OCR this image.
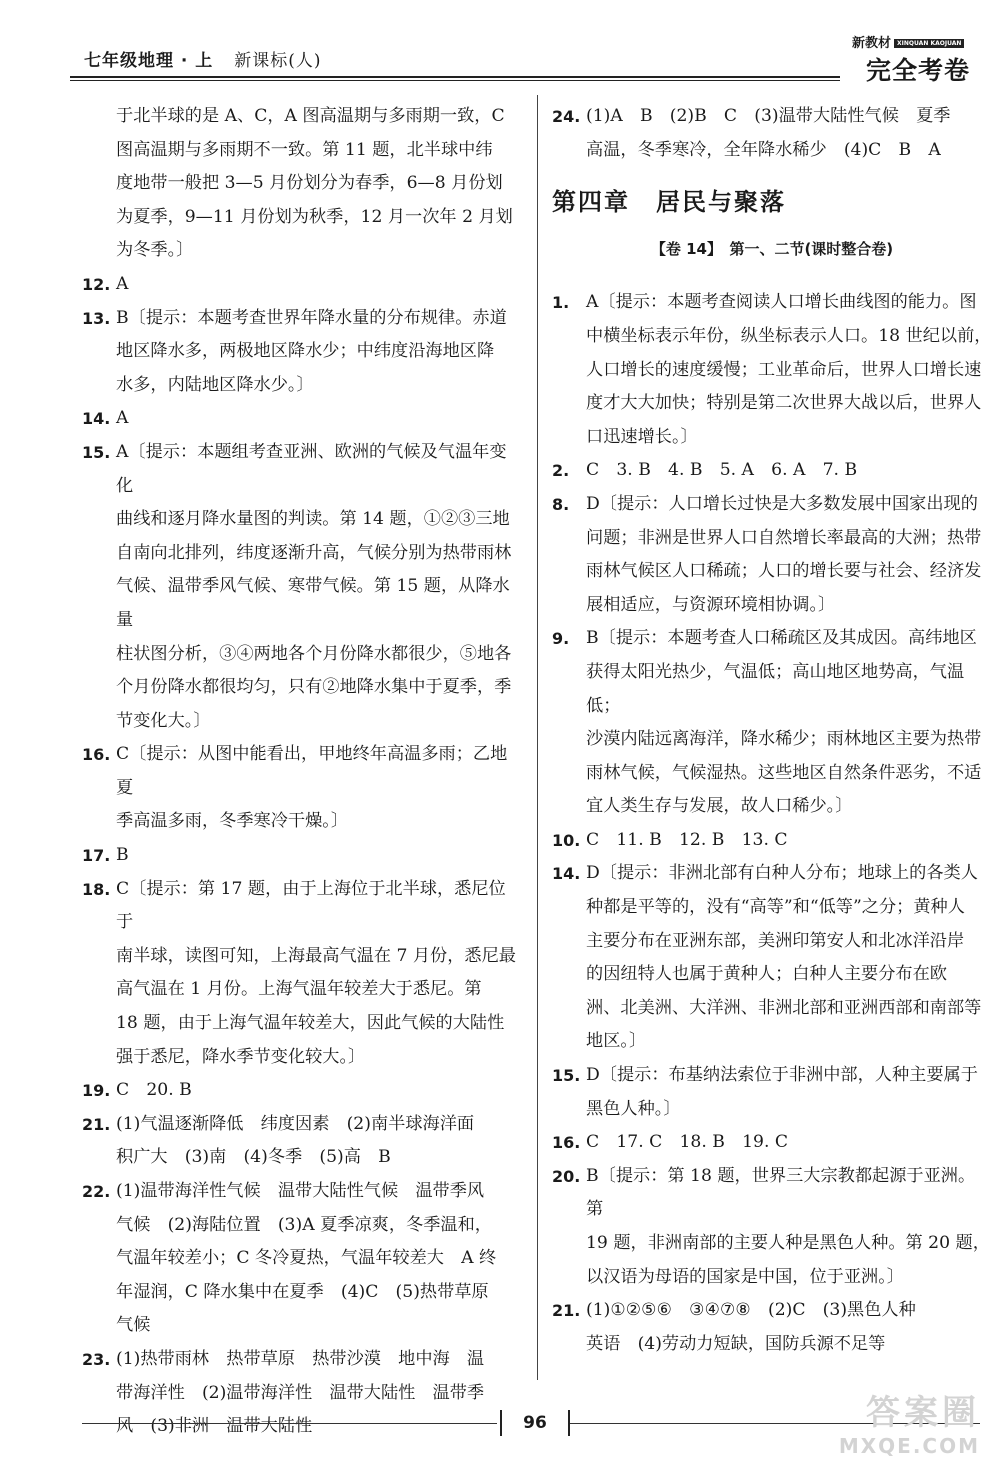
七年级地理 · 上 新课标(人)
新教材 XINQUAN KAOJUAN
完全考卷
于北半球的是 A、C，A 图高温期与多雨期一致，C
图高温期与多雨期不一致。第 11 题，北半球中纬
度地带一般把 3—5 月份划分为春季，6—8 月份划
为夏季，9—11 月份划为秋季，12 月一次年 2 月划
为冬季。〕
12. A
13. B〔提示：本题考查世界年降水量的分布规律。赤道
地区降水多，两极地区降水少；中纬度沿海地区降
水多，内陆地区降水少。〕
14. A
15. A〔提示：本题组考查亚洲、欧洲的气候及气温年变化
曲线和逐月降水量图的判读。第 14 题，①②③三地
自南向北排列，纬度逐渐升高，气候分别为热带雨林
气候、温带季风气候、寒带气候。第 15 题，从降水量
柱状图分析，③④两地各个月份降水都很少，⑤地各
个月份降水都很均匀，只有②地降水集中于夏季，季
节变化大。〕
16. C〔提示：从图中能看出，甲地终年高温多雨；乙地夏
季高温多雨，冬季寒冷干燥。〕
17. B
18. C〔提示：第 17 题，由于上海位于北半球，悉尼位于
南半球，读图可知，上海最高气温在 7 月份，悉尼最
高气温在 1 月份。上海气温年较差大于悉尼。第
18 题，由于上海气温年较差大，因此气候的大陆性
强于悉尼，降水季节变化较大。〕
19. C　20. B
21. (1)气温逐渐降低　纬度因素　(2)南半球海洋面
积广大　(3)南　(4)冬季　(5)高　B
22. (1)温带海洋性气候　温带大陆性气候　温带季风
气候　(2)海陆位置　(3)A 夏季凉爽，冬季温和，
气温年较差小；C 冬冷夏热，气温年较差大　A 终
年湿润，C 降水集中在夏季　(4)C　(5)热带草原
气候
23. (1)热带雨林　热带草原　热带沙漠　地中海　温
带海洋性　(2)温带海洋性　温带大陆性　温带季
风　(3)非洲　温带大陆性
24. (1)A　B　(2)B　C　(3)温带大陆性气候　夏季
高温，冬季寒冷，全年降水稀少　(4)C　B　A
第四章　居民与聚落
【卷 14】　第一、二节(课时整合卷)
1. A〔提示：本题考查阅读人口增长曲线图的能力。图
中横坐标表示年份，纵坐标表示人口。18 世纪以前，
人口增长的速度缓慢；工业革命后，世界人口增长速
度才大大加快；特别是第二次世界大战以后，世界人
口迅速增长。〕
2. C　3. B　4. B　5. A　6. A　7. B
8. D〔提示：人口增长过快是大多数发展中国家出现的
问题；非洲是世界人口自然增长率最高的大洲；热带
雨林气候区人口稀疏；人口的增长要与社会、经济发
展相适应，与资源环境相协调。〕
9. B〔提示：本题考查人口稀疏区及其成因。高纬地区
获得太阳光热少，气温低；高山地区地势高，气温低；
沙漠内陆远离海洋，降水稀少；雨林地区主要为热带
雨林气候，气候湿热。这些地区自然条件恶劣，不适
宜人类生存与发展，故人口稀少。〕
10. C　11. B　12. B　13. C
14. D〔提示：非洲北部有白种人分布；地球上的各类人
种都是平等的，没有“高等”和“低等”之分；黄种人
主要分布在亚洲东部，美洲印第安人和北冰洋沿岸
的因纽特人也属于黄种人；白种人主要分布在欧
洲、北美洲、大洋洲、非洲北部和亚洲西部和南部等
地区。〕
15. D〔提示：布基纳法索位于非洲中部，人种主要属于
黑色人种。〕
16. C　17. C　18. B　19. C
20. B〔提示：第 18 题，世界三大宗教都起源于亚洲。第
19 题，非洲南部的主要人种是黑色人种。第 20 题，
以汉语为母语的国家是中国，位于亚洲。〕
21. (1)①②⑤⑥　③④⑦⑧　(2)C　(3)黑色人种
英语　(4)劳动力短缺，国防兵源不足等
96	答案圈
MXQE.COM
